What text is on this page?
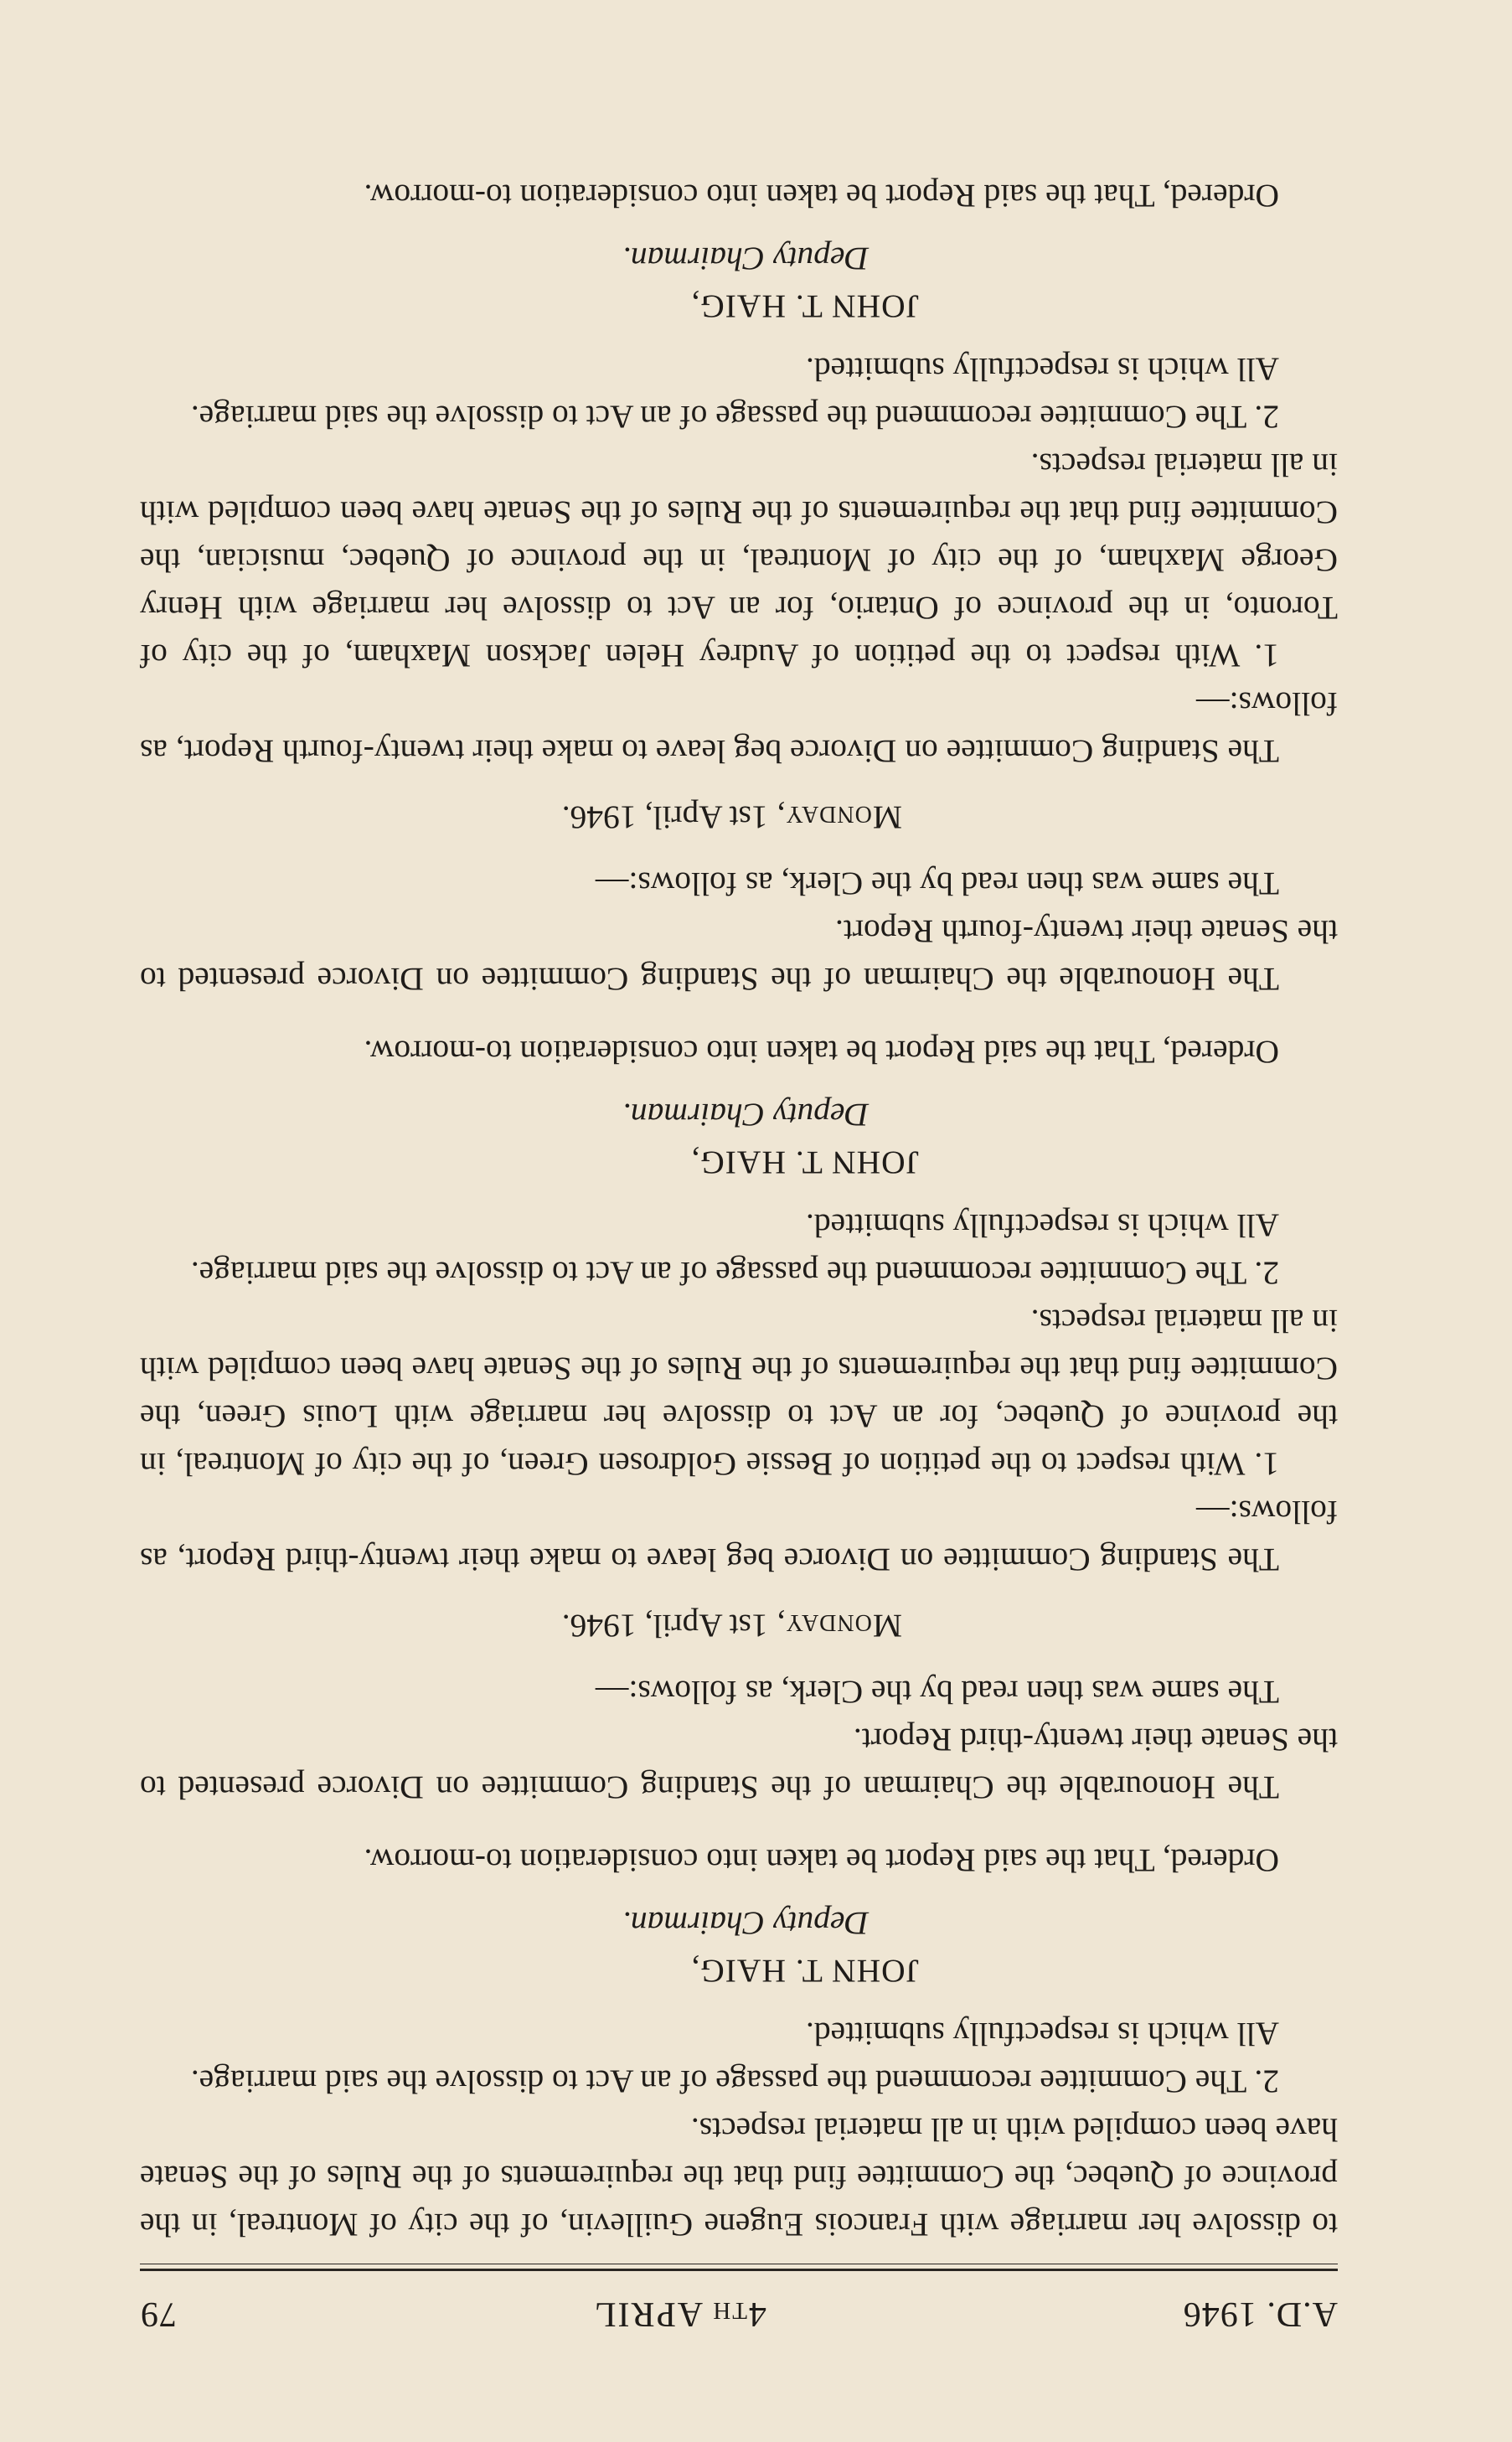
A.D. 1946
4th APRIL
79

to dissolve her marriage with Francois Eugene Guillevin, of the city of Montreal, in the province of Quebec, the Committee find that the requirements of the Rules of the Senate have been compiled with in all material respects.

2. The Committee recommend the passage of an Act to dissolve the said marriage.

All which is respectfully submitted.

JOHN T. HAIG,
Deputy Chairman.

Ordered, That the said Report be taken into consideration to-morrow.

The Honourable the Chairman of the Standing Committee on Divorce presented to the Senate their twenty-third Report.

The same was then read by the Clerk, as follows:—

Monday, 1st April, 1946.

The Standing Committee on Divorce beg leave to make their twenty-third Report, as follows:—

1. With respect to the petition of Bessie Goldrosen Green, of the city of Montreal, in the province of Quebec, for an Act to dissolve her marriage with Louis Green, the Committee find that the requirements of the Rules of the Senate have been compiled with in all material respects.

2. The Committee recommend the passage of an Act to dissolve the said marriage.

All which is respectfully submitted.

JOHN T. HAIG,
Deputy Chairman.

Ordered, That the said Report be taken into consideration to-morrow.

The Honourable the Chairman of the Standing Committee on Divorce presented to the Senate their twenty-fourth Report.

The same was then read by the Clerk, as follows:—

Monday, 1st April, 1946.

The Standing Committee on Divorce beg leave to make their twenty-fourth Report, as follows:—

1. With respect to the petition of Audrey Helen Jackson Maxham, of the city of Toronto, in the province of Ontario, for an Act to dissolve her marriage with Henry George Maxham, of the city of Montreal, in the province of Quebec, musician, the Committee find that the requirements of the Rules of the Senate have been compiled with in all material respects.

2. The Committee recommend the passage of an Act to dissolve the said marriage.

All which is respectfully submitted.

JOHN T. HAIG,
Deputy Chairman.

Ordered, That the said Report be taken into consideration to-morrow.
